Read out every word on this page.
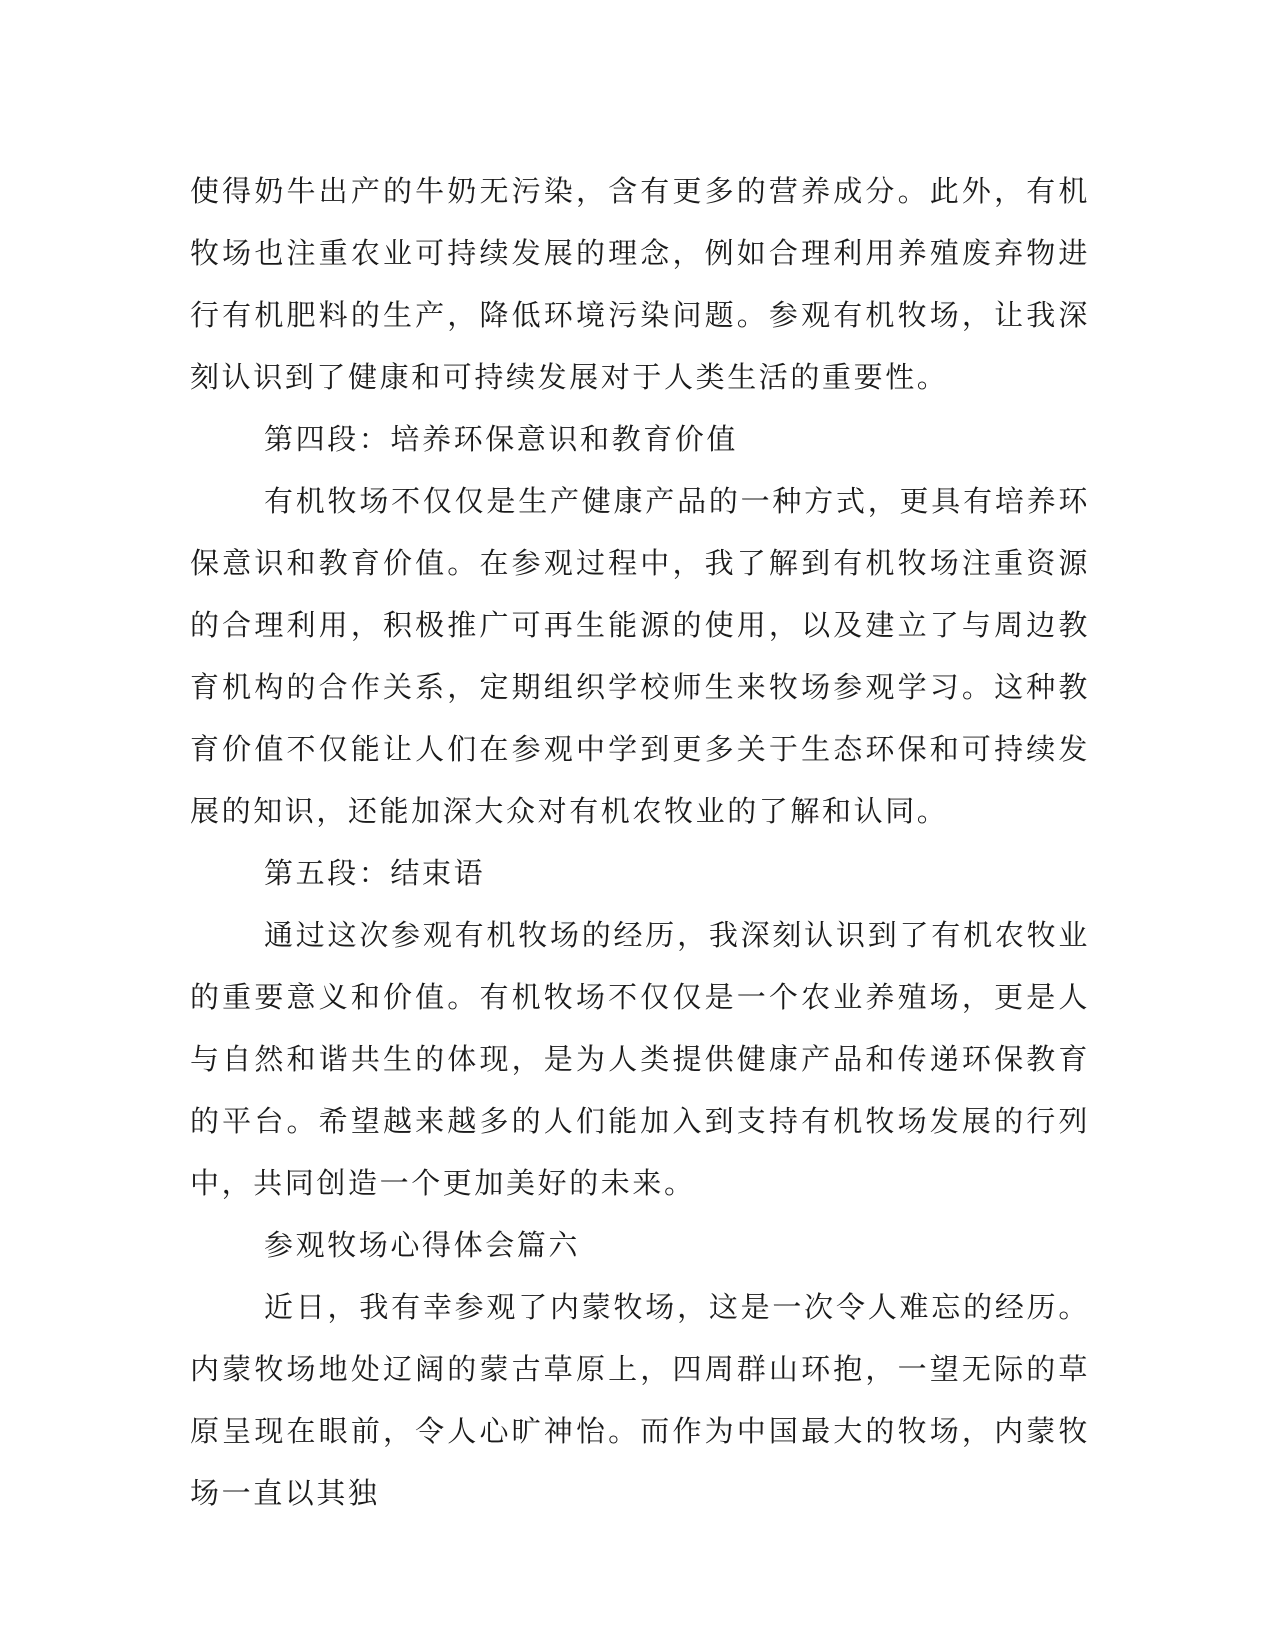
使得奶牛出产的牛奶无污染，含有更多的营养成分。此外，有机牧场也注重农业可持续发展的理念，例如合理利用养殖废弃物进行有机肥料的生产，降低环境污染问题。参观有机牧场，让我深刻认识到了健康和可持续发展对于人类生活的重要性。

第四段：培养环保意识和教育价值

有机牧场不仅仅是生产健康产品的一种方式，更具有培养环保意识和教育价值。在参观过程中，我了解到有机牧场注重资源的合理利用，积极推广可再生能源的使用，以及建立了与周边教育机构的合作关系，定期组织学校师生来牧场参观学习。这种教育价值不仅能让人们在参观中学到更多关于生态环保和可持续发展的知识，还能加深大众对有机农牧业的了解和认同。

第五段：结束语

通过这次参观有机牧场的经历，我深刻认识到了有机农牧业的重要意义和价值。有机牧场不仅仅是一个农业养殖场，更是人与自然和谐共生的体现，是为人类提供健康产品和传递环保教育的平台。希望越来越多的人们能加入到支持有机牧场发展的行列中，共同创造一个更加美好的未来。

参观牧场心得体会篇六

近日，我有幸参观了内蒙牧场，这是一次令人难忘的经历。内蒙牧场地处辽阔的蒙古草原上，四周群山环抱，一望无际的草原呈现在眼前，令人心旷神怡。而作为中国最大的牧场，内蒙牧场一直以其独
